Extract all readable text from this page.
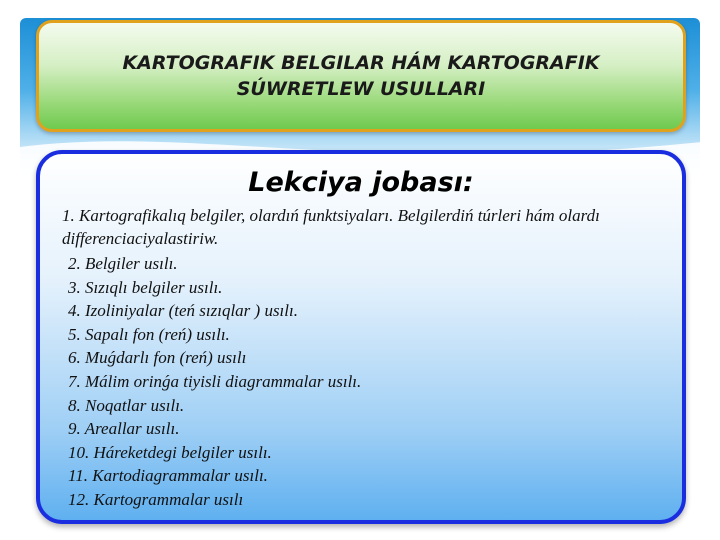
KARTOGRAFIK BELGILAR HÁM KARTOGRAFIK
SÚWRETLEW USULLARI
Lekciya jobası:
1. Kartografikalıq belgiler, olardıń funktsiyaları. Belgilerdiń túrleri hám olardı differenciaciyalastiriw.
2. Belgiler usılı.
3. Sızıqlı belgiler usılı.
4. Izoliniyalar (teń sızıqlar ) usılı.
5. Sapalı fon (reń) usılı.
6. Muǵdarlı fon (reń) usılı
7. Málim orinǵa tiyisli diagrammalar usılı.
8. Noqatlar usılı.
9. Areallar usılı.
10. Háreketdegi belgiler usılı.
11. Kartodiagrammalar usılı.
12. Kartogrammalar usılı
